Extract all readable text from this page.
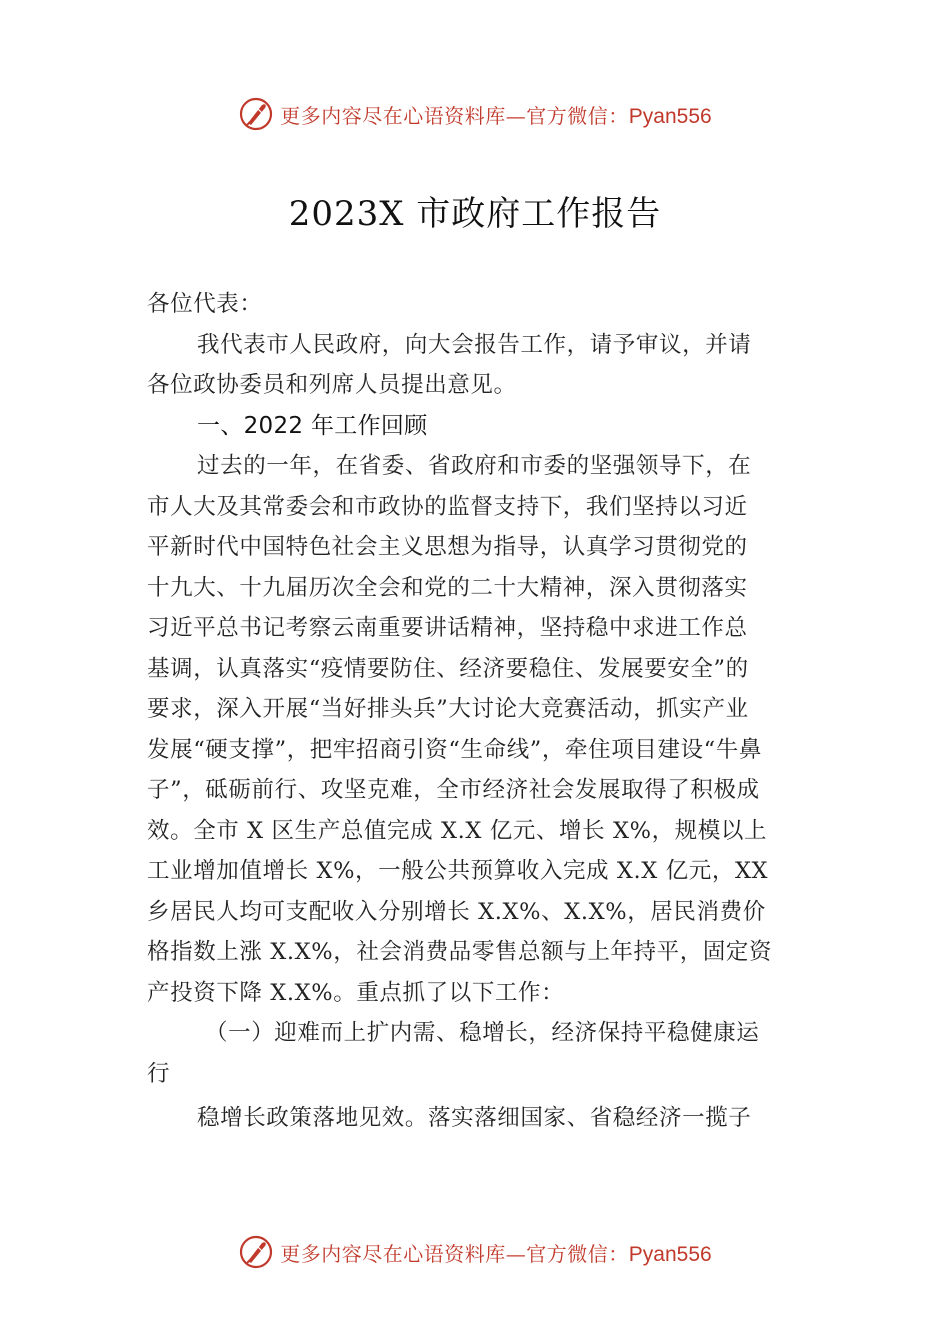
更多内容尽在心语资料库—官方微信：Pyan556
2023X 市政府工作报告
各位代表：
我代表市人民政府，向大会报告工作，请予审议，并请
各位政协委员和列席人员提出意见。
一、2022 年工作回顾
过去的一年，在省委、省政府和市委的坚强领导下，在
市人大及其常委会和市政协的监督支持下，我们坚持以习近
平新时代中国特色社会主义思想为指导，认真学习贯彻党的
十九大、十九届历次全会和党的二十大精神，深入贯彻落实
习近平总书记考察云南重要讲话精神，坚持稳中求进工作总
基调，认真落实“疫情要防住、经济要稳住、发展要安全”的
要求，深入开展“当好排头兵”大讨论大竞赛活动，抓实产业
发展“硬支撑”，把牢招商引资“生命线”，牵住项目建设“牛鼻
子”，砥砺前行、攻坚克难，全市经济社会发展取得了积极成
效。全市 X 区生产总值完成 X.X 亿元、增长 X%，规模以上
工业增加值增长 X%，一般公共预算收入完成 X.X 亿元，XX
乡居民人均可支配收入分别增长 X.X%、X.X%，居民消费价
格指数上涨 X.X%，社会消费品零售总额与上年持平，固定资
产投资下降 X.X%。重点抓了以下工作：
（一）迎难而上扩内需、稳增长，经济保持平稳健康运
行
稳增长政策落地见效。落实落细国家、省稳经济一揽子
更多内容尽在心语资料库—官方微信：Pyan556
